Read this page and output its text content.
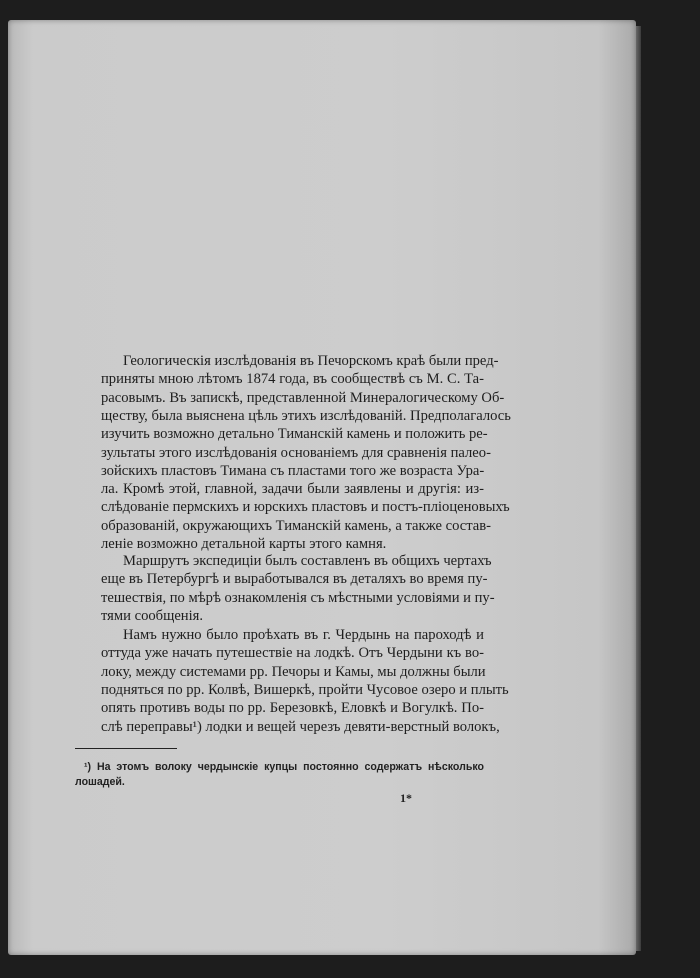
Геологическія изслѣдованія въ Печорскомъ краѣ были пред-
приняты мною лѣтомъ 1874 года, въ сообществѣ съ М. С. Та-
расовымъ. Въ запискѣ, представленной Минералогическому Об-
ществу, была выяснена цѣль этихъ изслѣдованій. Предполагалось
изучить возможно детально Тиманскій камень и положить ре-
зультаты этого изслѣдованія основаніемъ для сравненія палео-
зойскихъ пластовъ Тимана съ пластами того же возраста Ура-
ла. Кромѣ этой, главной, задачи были заявлены и другія: из-
слѣдованіе пермскихъ и юрскихъ пластовъ и постъ-пліоценовыхъ
образованій, окружающихъ Тиманскій камень, а также состав-
леніе возможно детальной карты этого камня.
Маршрутъ экспедиціи былъ составленъ въ общихъ чертахъ
еще въ Петербургѣ и выработывался въ деталяхъ во время пу-
тешествія, по мѣрѣ ознакомленія съ мѣстными условіями и пу-
тями сообщенія.
Намъ нужно было проѣхать въ г. Чердынь на пароходѣ и
оттуда уже начать путешествіе на лодкѣ. Отъ Чердыни къ во-
локу, между системами рр. Печоры и Камы, мы должны были
подняться по рр. Колвѣ, Вишеркѣ, пройти Чусовое озеро и плыть
опять противъ воды по рр. Березовкѣ, Еловкѣ и Вогулкѣ. По-
слѣ переправы¹) лодки и вещей черезъ девяти-верстный волокъ,
¹) На этомъ волоку чердынскіе купцы постоянно содержатъ нѣсколько
лошадей.
1*
